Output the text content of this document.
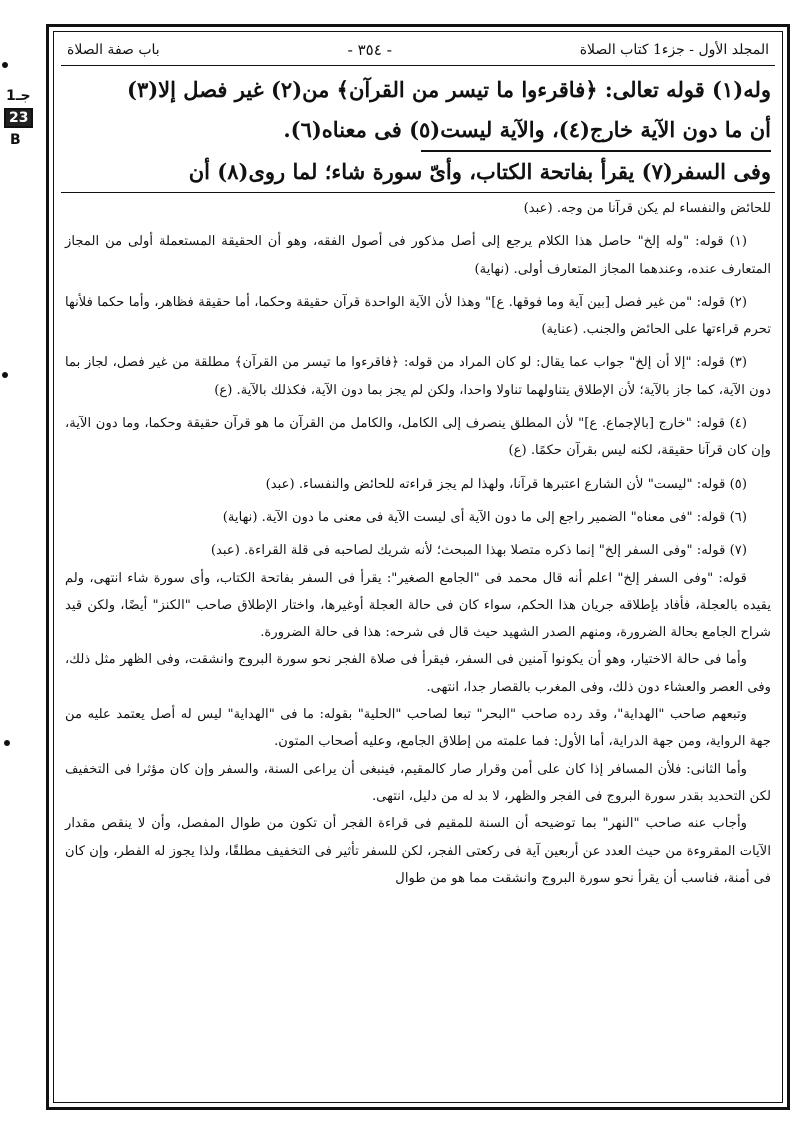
جـ1
23
B
المجلد الأول - جزء1 كتاب الصلاة
- ٣٥٤ -
باب صفة الصلاة
وله(١) قوله تعالى: ﴿فاقرءوا ما تيسر من القرآن﴾ من(٢) غير فصل إلا(٣)
أن ما دون الآية خارج(٤)، والآية ليست(٥) فى معناه(٦).
وفى السفر(٧) يقرأ بفاتحة الكتاب، وأىّ سورة شاء؛ لما روى(٨) أن

للحائض والنفساء لم يكن قرآنا من وجه. (عبد)

(١) قوله: "وله إلخ" حاصل هذا الكلام يرجع إلى أصل مذكور فى أصول الفقه، وهو أن الحقيقة المستعملة أولى من المجاز المتعارف عنده، وعندهما المجاز المتعارف أولى. (نهاية)

(٢) قوله: "من غير فصل [بين آية وما فوقها. ع]" وهذا لأن الآية الواحدة قرآن حقيقة وحكما، أما حقيقة فظاهر، وأما حكما فلأنها تحرم قراءتها على الحائض والجنب. (عناية)

(٣) قوله: "إلا أن إلخ" جواب عما يقال: لو كان المراد من قوله: ﴿فاقرءوا ما تيسر من القرآن﴾ مطلقة من غير فصل، لجاز بما دون الآية، كما جاز بالآية؛ لأن الإطلاق يتناولهما تناولا واحدا، ولكن لم يجز بما دون الآية، فكذلك بالآية. (ع)

(٤) قوله: "خارج [بالإجماع. ع]" لأن المطلق ينصرف إلى الكامل، والكامل من القرآن ما هو قرآن حقيقة وحكما، وما دون الآية، وإن كان قرآنا حقيقة، لكنه ليس بقرآن حكمًا. (ع)

(٥) قوله: "ليست" لأن الشارع اعتبرها قرآنا، ولهذا لم يجز قراءته للحائض والنفساء. (عبد)

(٦) قوله: "فى معناه" الضمير راجع إلى ما دون الآية أى ليست الآية فى معنى ما دون الآية. (نهاية)

(٧) قوله: "وفى السفر إلخ" إنما ذكره متصلا بهذا المبحث؛ لأنه شريك لصاحبه فى قلة القراءة. (عبد)

قوله: "وفى السفر إلخ" اعلم أنه قال محمد فى "الجامع الصغير": يقرأ فى السفر بفاتحة الكتاب، وأى سورة شاء انتهى، ولم يقيده بالعجلة، فأفاد بإطلاقه جريان هذا الحكم، سواء كان فى حالة العجلة أوغيرها، واختار الإطلاق صاحب "الكنز" أيضًا، ولكن قيد شراح الجامع بحالة الضرورة، ومنهم الصدر الشهيد حيث قال فى شرحه: هذا فى حالة الضرورة.

وأما فى حالة الاختيار، وهو أن يكونوا آمنين فى السفر، فيقرأ فى صلاة الفجر نحو سورة البروج وانشقت، وفى الظهر مثل ذلك، وفى العصر والعشاء دون ذلك، وفى المغرب بالقصار جدا، انتهى.

وتبعهم صاحب "الهداية"، وقد رده صاحب "البحر" تبعا لصاحب "الحلية" بقوله: ما فى "الهداية" ليس له أصل يعتمد عليه من جهة الرواية، ومن جهة الدراية، أما الأول: فما علمته من إطلاق الجامع، وعليه أصحاب المتون.

وأما الثانى: فلأن المسافر إذا كان على أمن وقرار صار كالمقيم، فينبغى أن يراعى السنة، والسفر وإن كان مؤثرا فى التخفيف لكن التحديد بقدر سورة البروج فى الفجر والظهر، لا بد له من دليل، انتهى.

وأجاب عنه صاحب "النهر" بما توضيحه أن السنة للمقيم فى قراءة الفجر أن تكون من طوال المفصل، وأن لا ينقص مقدار الآيات المقروءة من حيث العدد عن أربعين آية فى ركعتى الفجر، لكن للسفر تأثير فى التخفيف مطلقًا، ولذا يجوز له الفطر، وإن كان فى أمنة، فناسب أن يقرأ نحو سورة البروج وانشقت مما هو من طوال
